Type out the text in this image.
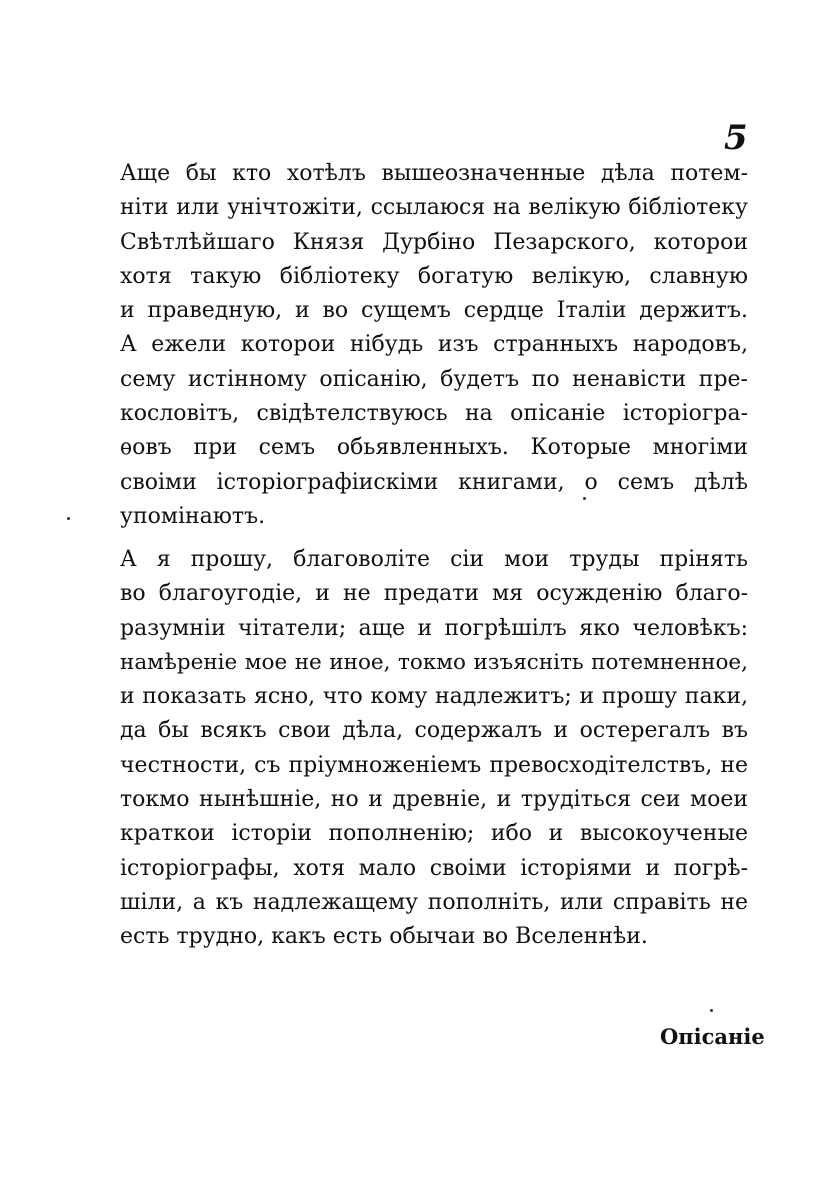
5
Аще бы кто хотѣлъ вышеозначенные дѣла потем-
нiти или унiчтожiти, ссылаюся на велiкую бiблiотеку
Свѣтлѣйшаго Князя Дурбiно Пезарского, которои
хотя такую бiблiотеку богатую велiкую, славную
и праведную, и во сущемъ сердце Iталiи держитъ.
А ежели которои нiбудь изъ странныхъ народовъ,
сему истiнному опiсанiю, будетъ по ненавiсти пре-
кословiтъ, свiдѣтелствуюсь на опiсанiе iсторiогра-
ѳовъ при семъ обьявленныхъ. Которые многiми
своiми iсторiографiискiми книгами, о семъ дѣлѣ
упомiнаютъ.
А я прошу, благоволiте сiи мои труды прiнять
во благоугодiе, и не предати мя осужденiю благо-
разумнiи чiтатели; аще и погрѣшiлъ яко человѣкъ:
намѣренiе мое не иное, токмо изъяснiть потемненное,
и показать ясно, что кому надлежитъ; и прошу паки,
да бы всякъ свои дѣла, содержалъ и остерегалъ въ
честности, съ прiумноженiемъ превосходiтелствъ, не
токмо нынѣшнiе, но и древнiе, и трудiться сеи моеи
краткои iсторiи пополненiю; ибо и высокоученые
iсторiографы, хотя мало своiми iсторiями и погрѣ-
шiли, а къ надлежащему пополнiть, или справiть не
есть трудно, какъ есть обычаи во Вселеннѣи.
Опiсанiе
